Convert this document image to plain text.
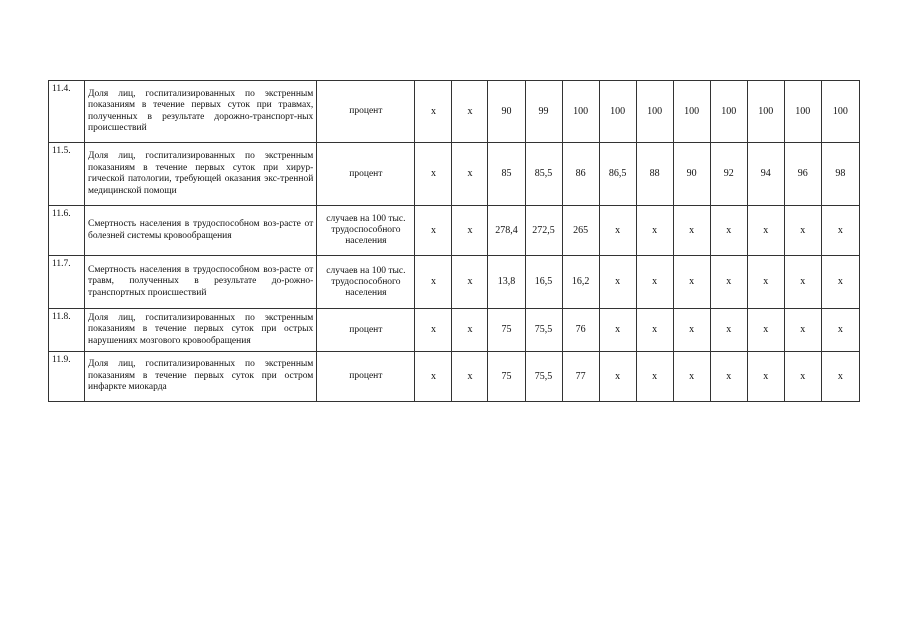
11.4.	Доля лиц, госпитализированных по экстренным показаниям в течение первых суток при травмах, полученных в результате дорожно-транспорт-ных происшествий	процент	x	x	90	99	100	100	100	100	100	100	100	100
11.5.	Доля лиц, госпитализированных по экстренным показаниям в течение первых суток при хирур-гической патологии, требующей оказания экс-тренной медицинской помощи	процент	x	x	85	85,5	86	86,5	88	90	92	94	96	98
11.6.	Смертность населения в трудоспособном воз-расте от болезней системы кровообращения	случаев на 100 тыс. трудоспособного населения	x	x	278,4	272,5	265	x	x	x	x	x	x	x
11.7.	Смертность населения в трудоспособном воз-расте от травм, полученных в результате до-рожно-транспортных происшествий	случаев на 100 тыс. трудоспособного населения	x	x	13,8	16,5	16,2	x	x	x	x	x	x	x
11.8.	Доля лиц, госпитализированных по экстренным показаниям в течение первых суток при острых нарушениях мозгового кровообращения	процент	x	x	75	75,5	76	x	x	x	x	x	x	x
11.9.	Доля лиц, госпитализированных по экстренным показаниям в течение первых суток при остром инфаркте миокарда	процент	x	x	75	75,5	77	x	x	x	x	x	x	x
